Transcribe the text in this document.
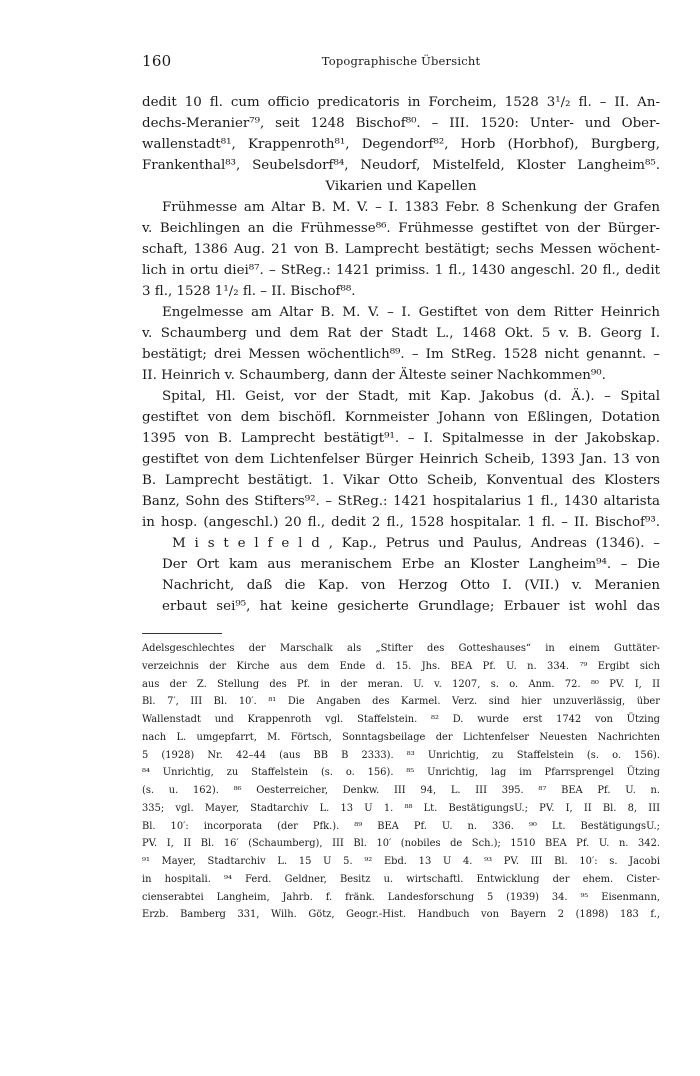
160	Topographische Übersicht
dedit 10 fl. cum officio predicatoris in Forcheim, 1528 3¹/₂ fl. – II. An-
dechs-Meranier⁷⁹, seit 1248 Bischof⁸⁰. – III. 1520: Unter- und Ober-
wallenstadt⁸¹, Krappenroth⁸¹, Degendorf⁸², Horb (Horbhof), Burgberg,
Frankenthal⁸³, Seubelsdorf⁸⁴, Neudorf, Mistelfeld, Kloster Langheim⁸⁵.
Vikarien und Kapellen
Frühmesse am Altar B. M. V. – I. 1383 Febr. 8 Schenkung der Grafen
v. Beichlingen an die Frühmesse⁸⁶. Frühmesse gestiftet von der Bürger-
schaft, 1386 Aug. 21 von B. Lamprecht bestätigt; sechs Messen wöchent-
lich in ortu diei⁸⁷. – StReg.: 1421 primiss. 1 fl., 1430 angeschl. 20 fl., dedit
3 fl., 1528 1¹/₂ fl. – II. Bischof⁸⁸.
Engelmesse am Altar B. M. V. – I. Gestiftet von dem Ritter Heinrich
v. Schaumberg und dem Rat der Stadt L., 1468 Okt. 5 v. B. Georg I.
bestätigt; drei Messen wöchentlich⁸⁹. – Im StReg. 1528 nicht genannt. –
II. Heinrich v. Schaumberg, dann der Älteste seiner Nachkommen⁹⁰.
Spital, Hl. Geist, vor der Stadt, mit Kap. Jakobus (d. Ä.). – Spital
gestiftet von dem bischöfl. Kornmeister Johann von Eßlingen, Dotation
1395 von B. Lamprecht bestätigt⁹¹. – I. Spitalmesse in der Jakobskap.
gestiftet von dem Lichtenfelser Bürger Heinrich Scheib, 1393 Jan. 13 von
B. Lamprecht bestätigt. 1. Vikar Otto Scheib, Konventual des Klosters
Banz, Sohn des Stifters⁹². – StReg.: 1421 hospitalarius 1 fl., 1430 altarista
in hosp. (angeschl.) 20 fl., dedit 2 fl., 1528 hospitalar. 1 fl. – II. Bischof⁹³.
M i s t e l f e l d , Kap., Petrus und Paulus, Andreas (1346). –
Der Ort kam aus meranischem Erbe an Kloster Langheim⁹⁴. – Die
Nachricht, daß die Kap. von Herzog Otto I. (VII.) v. Meranien
erbaut sei⁹⁵, hat keine gesicherte Grundlage; Erbauer ist wohl das
Adelsgeschlechtes der Marschalk als „Stifter des Gotteshauses“ in einem Guttäter-
verzeichnis der Kirche aus dem Ende d. 15. Jhs. BEA Pf. U. n. 334. ⁷⁹ Ergibt sich
aus der Z. Stellung des Pf. in der meran. U. v. 1207, s. o. Anm. 72. ⁸⁰ PV. I, II
Bl. 7′, III Bl. 10′. ⁸¹ Die Angaben des Karmel. Verz. sind hier unzuverlässig, über
Wallenstadt und Krappenroth vgl. Staffelstein. ⁸² D. wurde erst 1742 von Ützing
nach L. umgepfarrt, M. Förtsch, Sonntagsbeilage der Lichtenfelser Neuesten Nachrichten
5 (1928) Nr. 42–44 (aus BB B 2333). ⁸³ Unrichtig, zu Staffelstein (s. o. 156).
⁸⁴ Unrichtig, zu Staffelstein (s. o. 156). ⁸⁵ Unrichtig, lag im Pfarrsprengel Ützing
(s. u. 162). ⁸⁶ Oesterreicher, Denkw. III 94, L. III 395. ⁸⁷ BEA Pf. U. n.
335; vgl. Mayer, Stadtarchiv L. 13 U 1. ⁸⁸ Lt. BestätigungsU.; PV. I, II Bl. 8, III
Bl. 10′: incorporata (der Pfk.). ⁸⁹ BEA Pf. U. n. 336. ⁹⁰ Lt. BestätigungsU.;
PV. I, II Bl. 16′ (Schaumberg), III Bl. 10′ (nobiles de Sch.); 1510 BEA Pf. U. n. 342.
⁹¹ Mayer, Stadtarchiv L. 15 U 5. ⁹² Ebd. 13 U 4. ⁹³ PV. III Bl. 10′: s. Jacobi
in hospitali. ⁹⁴ Ferd. Geldner, Besitz u. wirtschaftl. Entwicklung der ehem. Cister-
cienserabtei Langheim, Jahrb. f. fränk. Landesforschung 5 (1939) 34. ⁹⁵ Eisenmann,
Erzb. Bamberg 331, Wilh. Götz, Geogr.-Hist. Handbuch von Bayern 2 (1898) 183 f.,
